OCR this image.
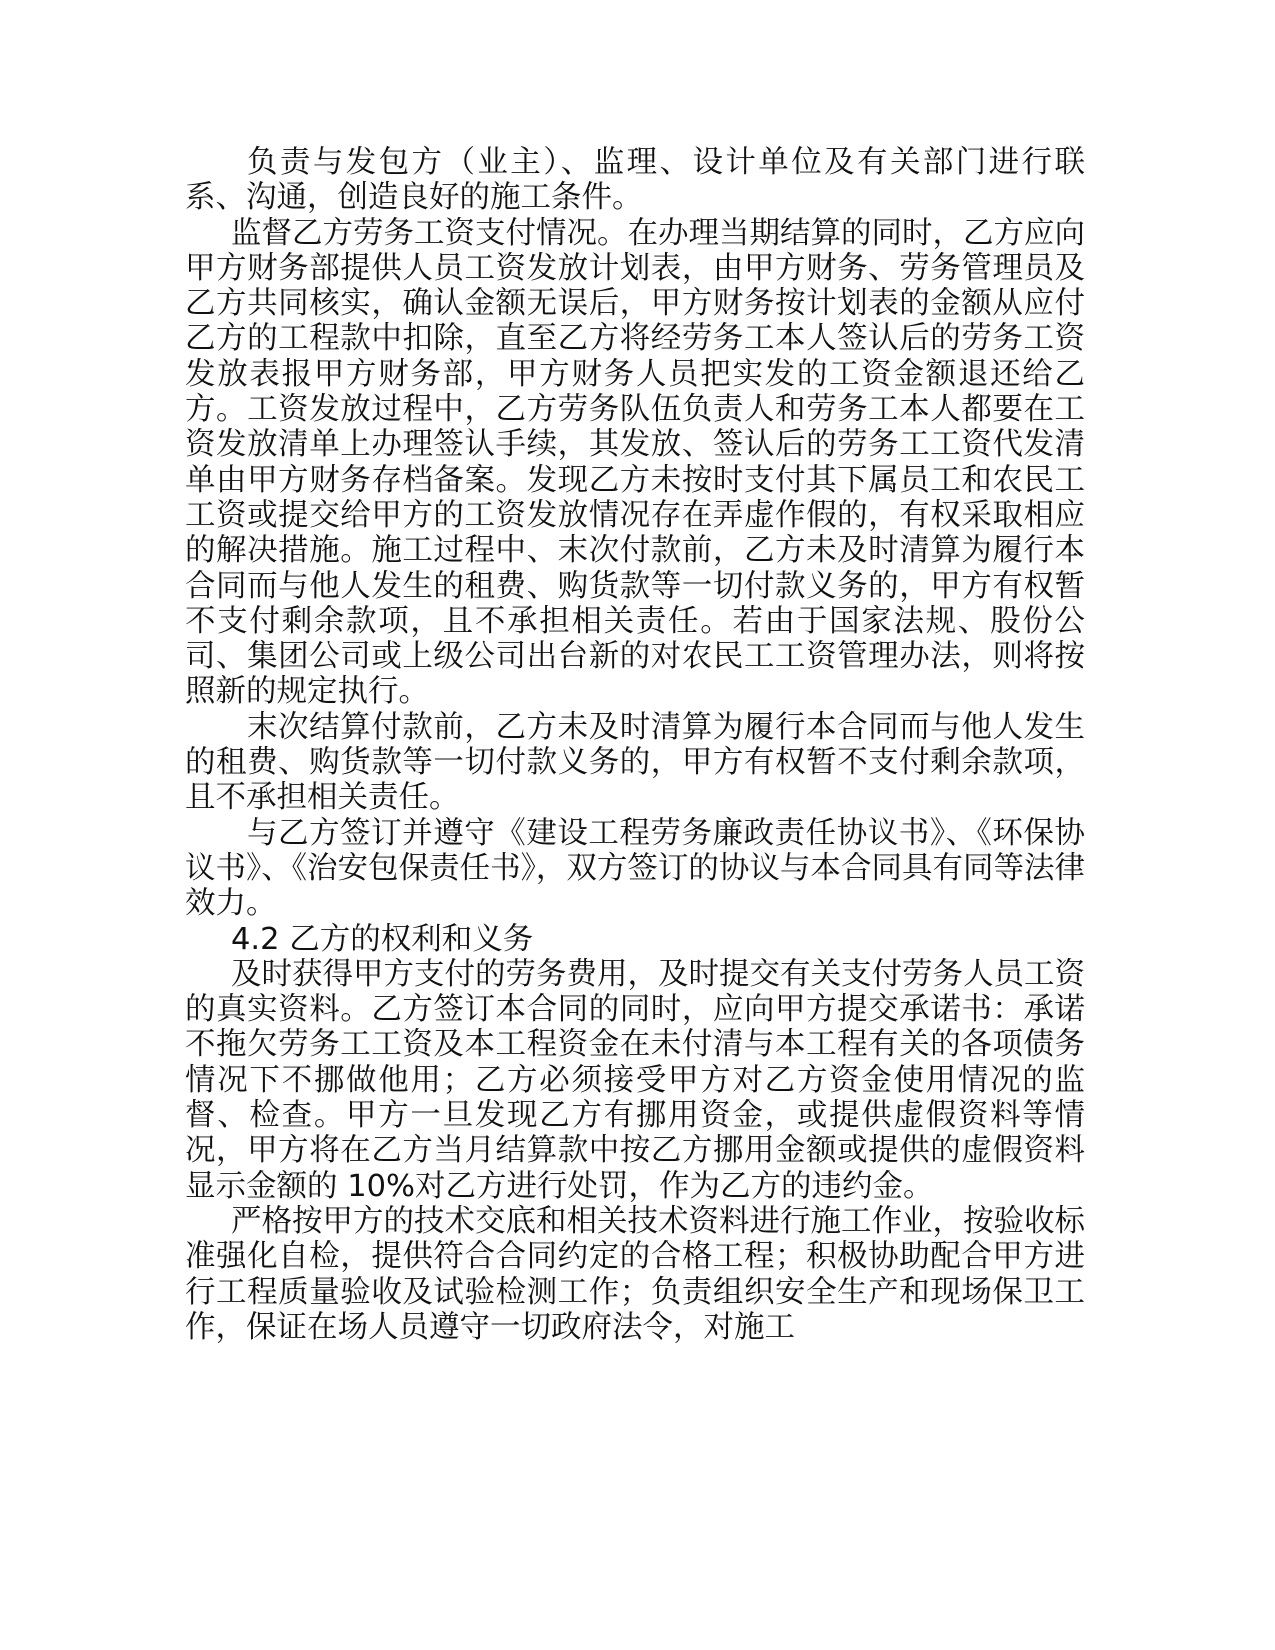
负责与发包方（业主）、监理、设计单位及有关部门进行联系、沟通，创造良好的施工条件。

监督乙方劳务工资支付情况。在办理当期结算的同时，乙方应向甲方财务部提供人员工资发放计划表，由甲方财务、劳务管理员及乙方共同核实，确认金额无误后，甲方财务按计划表的金额从应付乙方的工程款中扣除，直至乙方将经劳务工本人签认后的劳务工资发放表报甲方财务部，甲方财务人员把实发的工资金额退还给乙方。工资发放过程中，乙方劳务队伍负责人和劳务工本人都要在工资发放清单上办理签认手续，其发放、签认后的劳务工工资代发清单由甲方财务存档备案。发现乙方未按时支付其下属员工和农民工工资或提交给甲方的工资发放情况存在弄虚作假的，有权采取相应的解决措施。施工过程中、末次付款前，乙方未及时清算为履行本合同而与他人发生的租费、购货款等一切付款义务的，甲方有权暂不支付剩余款项，且不承担相关责任。若由于国家法规、股份公司、集团公司或上级公司出台新的对农民工工资管理办法，则将按照新的规定执行。

末次结算付款前，乙方未及时清算为履行本合同而与他人发生的租费、购货款等一切付款义务的，甲方有权暂不支付剩余款项，且不承担相关责任。

与乙方签订并遵守《建设工程劳务廉政责任协议书》、《环保协议书》、《治安包保责任书》，双方签订的协议与本合同具有同等法律效力。

4.2 乙方的权利和义务

及时获得甲方支付的劳务费用，及时提交有关支付劳务人员工资的真实资料。乙方签订本合同的同时，应向甲方提交承诺书：承诺不拖欠劳务工工资及本工程资金在未付清与本工程有关的各项债务情况下不挪做他用；乙方必须接受甲方对乙方资金使用情况的监督、检查。甲方一旦发现乙方有挪用资金，或提供虚假资料等情况，甲方将在乙方当月结算款中按乙方挪用金额或提供的虚假资料显示金额的 10%对乙方进行处罚，作为乙方的违约金。

严格按甲方的技术交底和相关技术资料进行施工作业，按验收标准强化自检，提供符合合同约定的合格工程；积极协助配合甲方进行工程质量验收及试验检测工作；负责组织安全生产和现场保卫工作，保证在场人员遵守一切政府法令，对施工
